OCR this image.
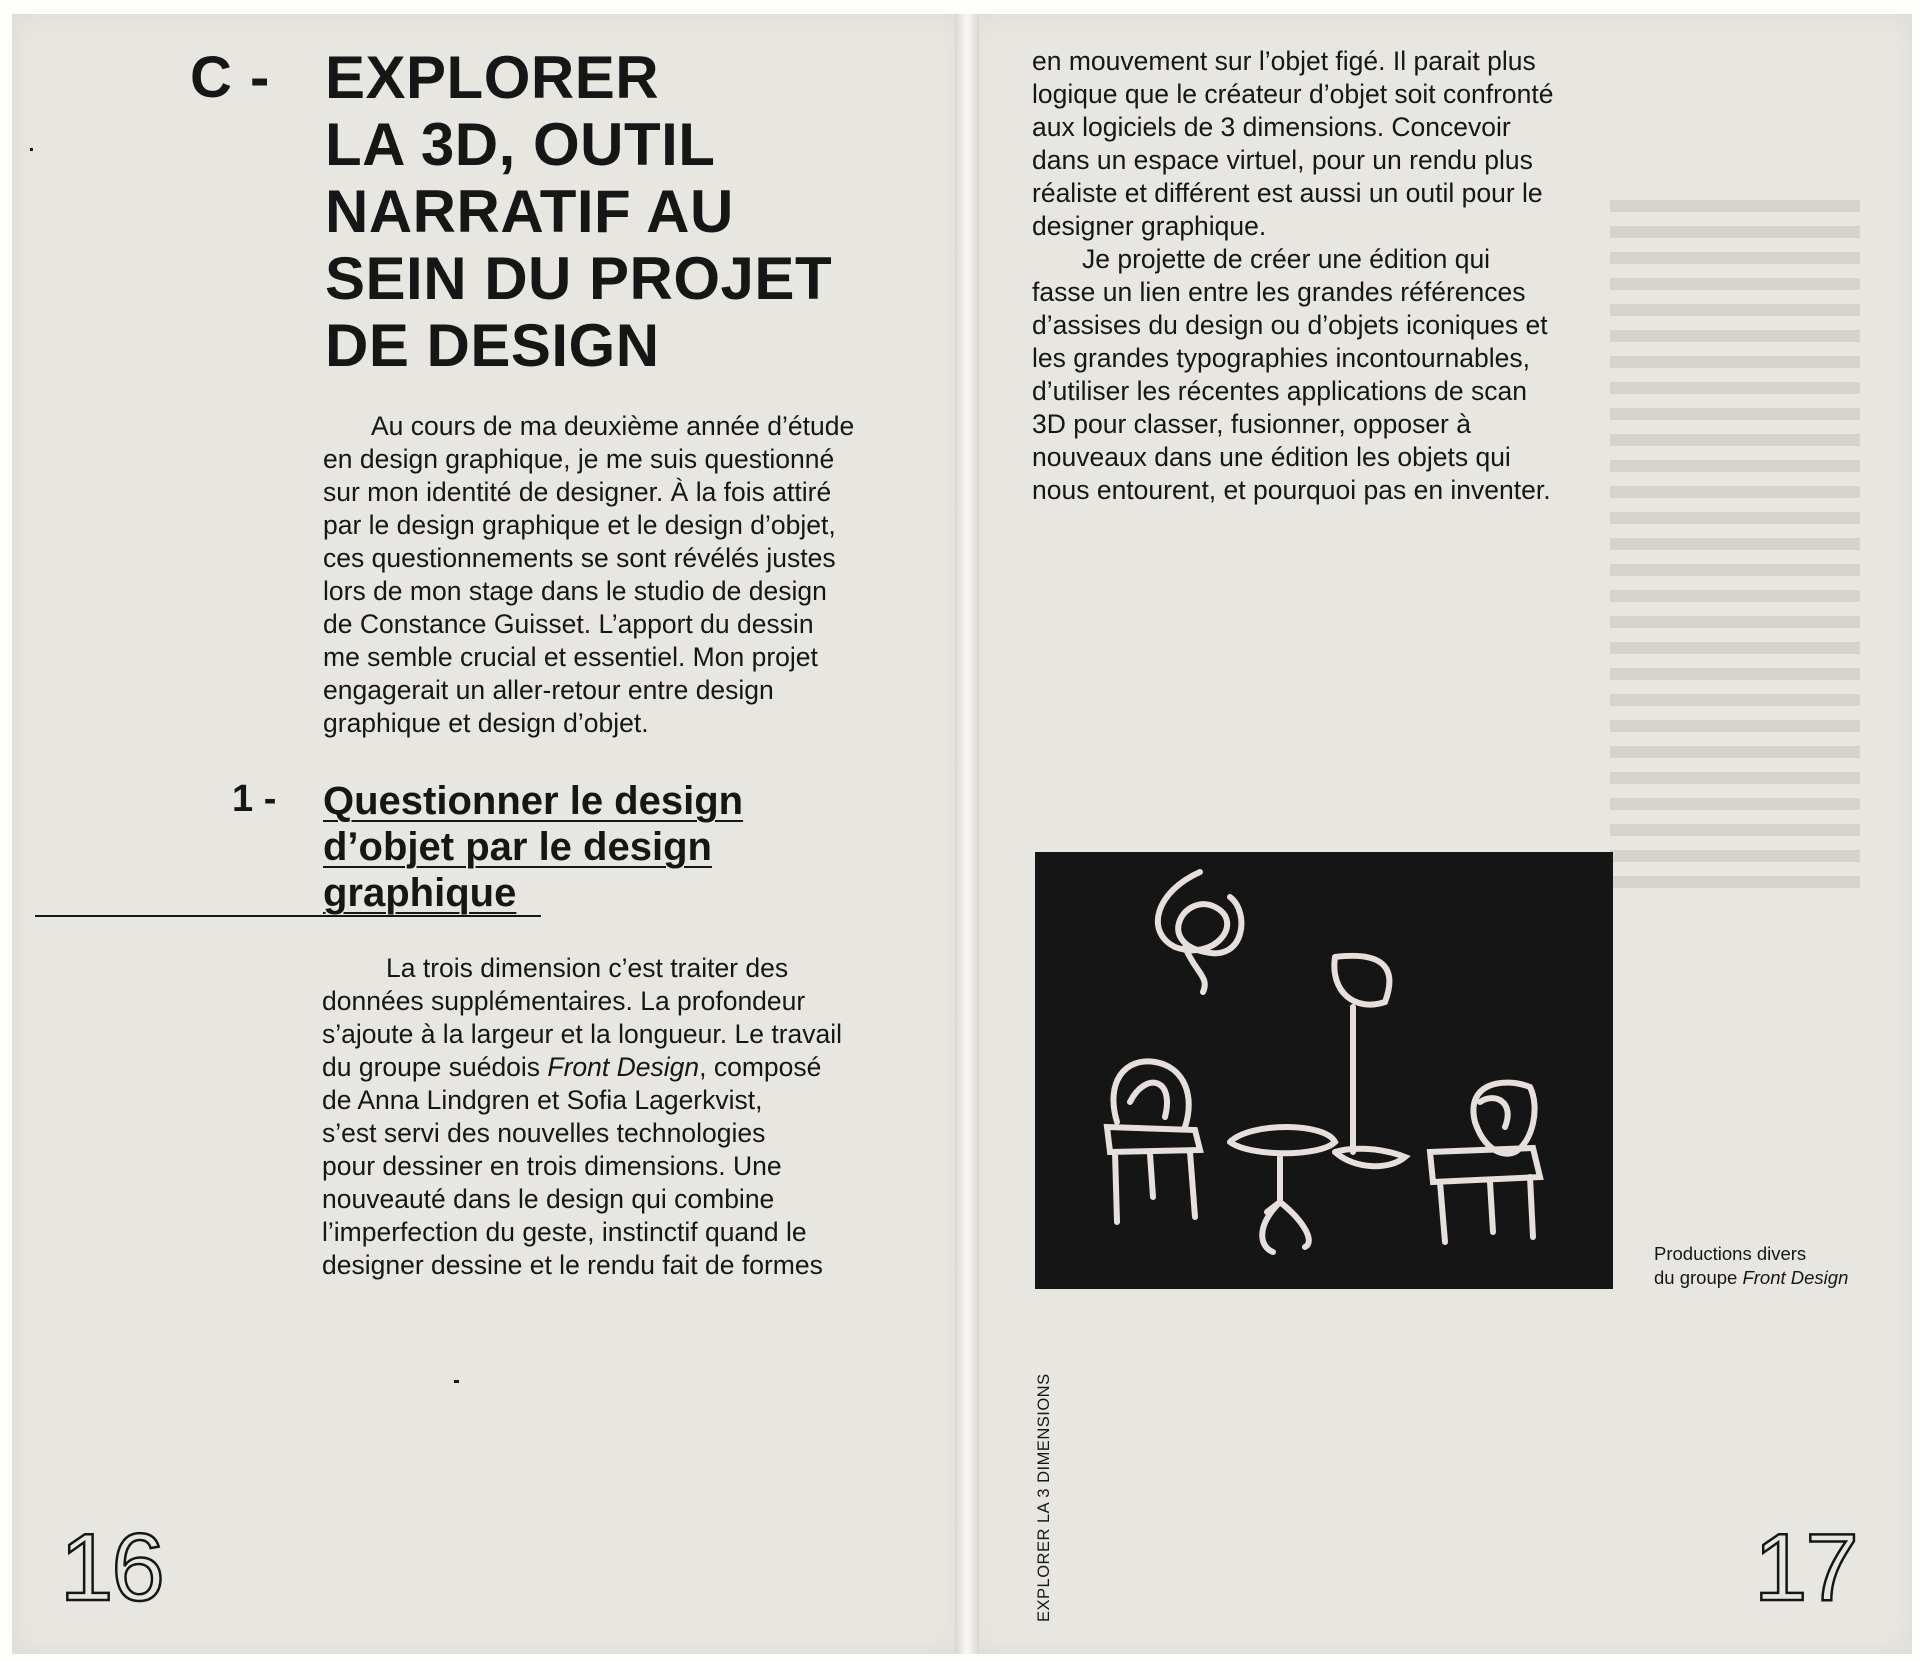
C - EXPLORER
LA 3D, OUTIL
NARRATIF AU
SEIN DU PROJET
DE DESIGN

Au cours de ma deuxième année d’étude
en design graphique, je me suis questionné
sur mon identité de designer. À la fois attiré
par le design graphique et le design d’objet,
ces questionnements se sont révélés justes
lors de mon stage dans le studio de design
de Constance Guisset. L’apport du dessin
me semble crucial et essentiel. Mon projet
engagerait un aller-retour entre design
graphique et design d’objet.

1 - Questionner le design
d’objet par le design
graphique

La trois dimension c’est traiter des
données supplémentaires. La profondeur
s’ajoute à la largeur et la longueur. Le travail
du groupe suédois Front Design, composé
de Anna Lindgren et Sofia Lagerkvist,
s’est servi des nouvelles technologies
pour dessiner en trois dimensions. Une
nouveauté dans le design qui combine
l’imperfection du geste, instinctif quand le
designer dessine et le rendu fait de formes

16

en mouvement sur l’objet figé. Il parait plus
logique que le créateur d’objet soit confronté
aux logiciels de 3 dimensions. Concevoir
dans un espace virtuel, pour un rendu plus
réaliste et différent est aussi un outil pour le
designer graphique.

Je projette de créer une édition qui
fasse un lien entre les grandes références
d’assises du design ou d’objets iconiques et
les grandes typographies incontournables,
d’utiliser les récentes applications de scan
3D pour classer, fusionner, opposer à
nouveaux dans une édition les objets qui
nous entourent, et pourquoi pas en inventer.

Productions divers
du groupe Front Design
EXPLORER LA 3 DIMENSIONS	17
